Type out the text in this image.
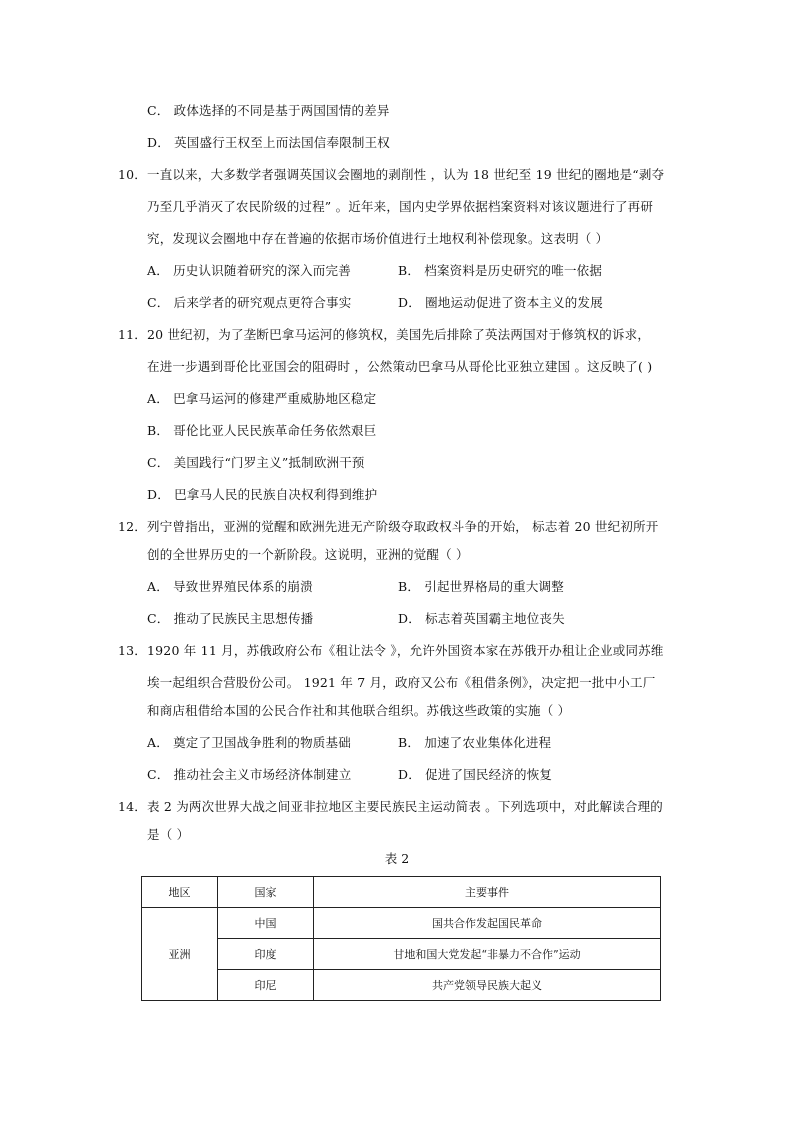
C． 政体选择的不同是基于两国国情的差异
D． 英国盛行王权至上而法国信奉限制王权
10．一直以来，大多数学者强调英国议会圈地的剥削性 ，认为 18 世纪至 19 世纪的圈地是“剥夺
乃至几乎消灭了农民阶级的过程” 。近年来，国内史学界依据档案资料对该议题进行了再研
究，发现议会圈地中存在普遍的依据市场价值进行土地权利补偿现象。这表明（ ）
A． 历史认识随着研究的深入而完善	B． 档案资料是历史研究的唯一依据
C． 后来学者的研究观点更符合事实	D． 圈地运动促进了资本主义的发展
11．20 世纪初，为了垄断巴拿马运河的修筑权，美国先后排除了英法两国对于修筑权的诉求，
在进一步遇到哥伦比亚国会的阻碍时 ，公然策动巴拿马从哥伦比亚独立建国 。这反映了( )
A． 巴拿马运河的修建严重威胁地区稳定
B． 哥伦比亚人民民族革命任务依然艰巨
C． 美国践行“门罗主义”抵制欧洲干预
D． 巴拿马人民的民族自决权利得到维护
12．列宁曾指出，亚洲的觉醒和欧洲先进无产阶级夺取政权斗争的开始， 标志着 20 世纪初所开
创的全世界历史的一个新阶段。这说明，亚洲的觉醒（ ）
A． 导致世界殖民体系的崩溃	B． 引起世界格局的重大调整
C． 推动了民族民主思想传播	D． 标志着英国霸主地位丧失
13．1920 年 11 月，苏俄政府公布《租让法令 》，允许外国资本家在苏俄开办租让企业或同苏维
埃一起组织合营股份公司。 1921 年 7 月，政府又公布《租借条例》，决定把一批中小工厂
和商店租借给本国的公民合作社和其他联合组织。苏俄这些政策的实施（ ）
A． 奠定了卫国战争胜利的物质基础	B． 加速了农业集体化进程
C． 推动社会主义市场经济体制建立	D． 促进了国民经济的恢复
14．表 2 为两次世界大战之间亚非拉地区主要民族民主运动简表 。下列选项中，对此解读合理的
是（ ）
表 2
地区	国家	主要事件
亚洲	中国	国共合作发起国民革命
	印度	甘地和国大党发起“非暴力不合作”运动
	印尼	共产党领导民族大起义
